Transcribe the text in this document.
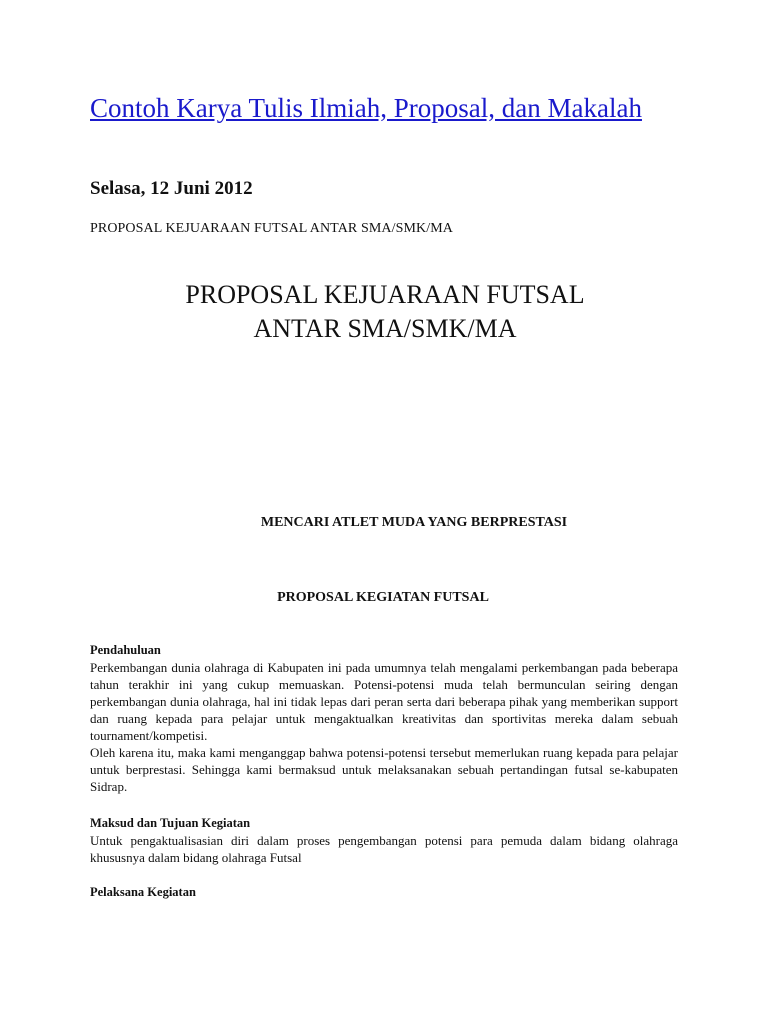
Contoh Karya Tulis Ilmiah, Proposal, dan Makalah
Selasa, 12 Juni 2012
PROPOSAL KEJUARAAN FUTSAL ANTAR SMA/SMK/MA
PROPOSAL KEJUARAAN FUTSAL
ANTAR SMA/SMK/MA
MENCARI ATLET MUDA YANG BERPRESTASI
PROPOSAL KEGIATAN FUTSAL
Pendahuluan

Perkembangan dunia olahraga di Kabupaten ini pada umumnya telah mengalami perkembangan pada beberapa tahun terakhir ini yang cukup memuaskan. Potensi-potensi muda telah bermunculan seiring dengan perkembangan dunia olahraga, hal ini tidak lepas dari peran serta dari beberapa pihak yang memberikan support dan ruang kepada para pelajar untuk mengaktualkan kreativitas dan sportivitas mereka dalam sebuah tournament/kompetisi.

Oleh karena itu, maka kami menganggap bahwa potensi-potensi tersebut memerlukan ruang kepada para pelajar untuk berprestasi. Sehingga kami bermaksud untuk melaksanakan sebuah pertandingan futsal se-kabupaten Sidrap.

Maksud dan Tujuan Kegiatan

Untuk pengaktualisasian diri dalam proses pengembangan potensi para pemuda dalam bidang olahraga khususnya dalam bidang olahraga Futsal

Pelaksana Kegiatan
